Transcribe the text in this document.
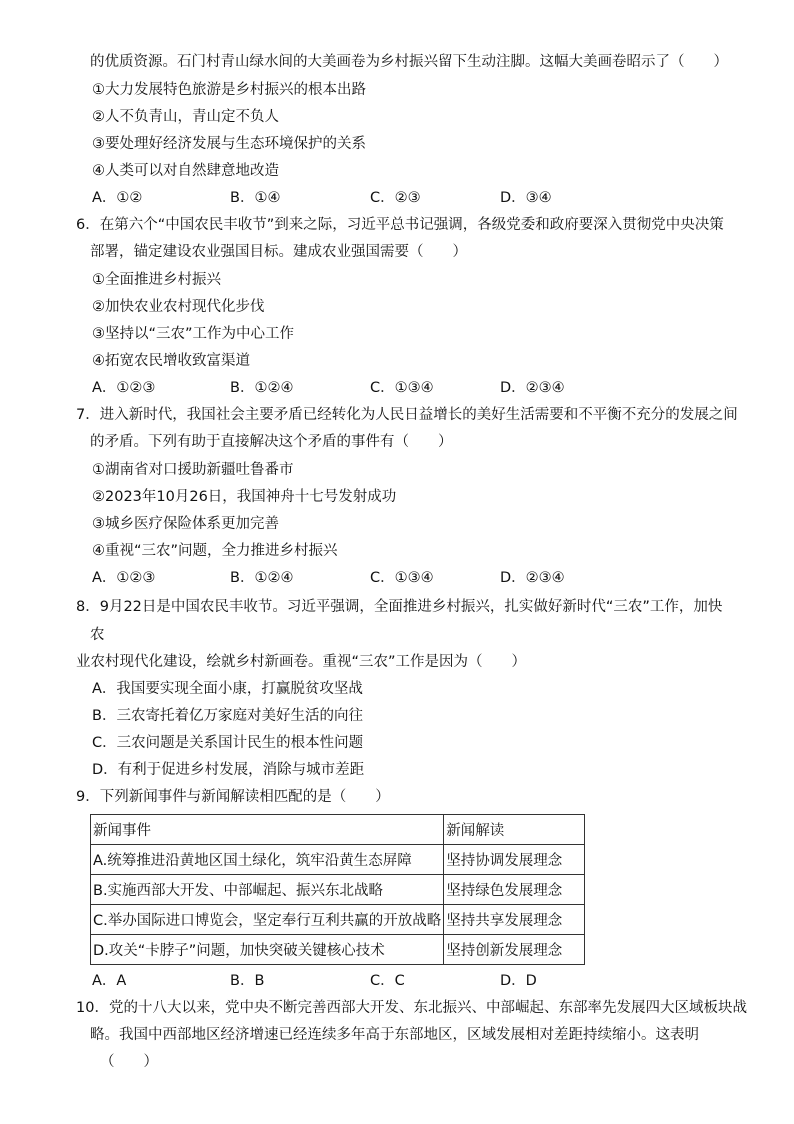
的优质资源。石门村青山绿水间的大美画卷为乡村振兴留下生动注脚。这幅大美画卷昭示了（　　）
①大力发展特色旅游是乡村振兴的根本出路
②人不负青山，青山定不负人
③要处理好经济发展与生态环境保护的关系
④人类可以对自然肆意地改造
A．①②	B．①④	C．②③	D．③④
6．在第六个“中国农民丰收节”到来之际，习近平总书记强调，各级党委和政府要深入贯彻党中央决策
部署，锚定建设农业强国目标。建成农业强国需要（　　）
①全面推进乡村振兴
②加快农业农村现代化步伐
③坚持以“三农”工作为中心工作
④拓宽农民增收致富渠道
A．①②③	B．①②④	C．①③④	D．②③④
7．进入新时代，我国社会主要矛盾已经转化为人民日益增长的美好生活需要和不平衡不充分的发展之间
的矛盾。下列有助于直接解决这个矛盾的事件有（　　）
①湖南省对口援助新疆吐鲁番市
②2023年10月26日，我国神舟十七号发射成功
③城乡医疗保险体系更加完善
④重视“三农”问题，全力推进乡村振兴
A．①②③	B．①②④	C．①③④	D．②③④
8．9月22日是中国农民丰收节。习近平强调，全面推进乡村振兴，扎实做好新时代“三农”工作，加快
农
业农村现代化建设，绘就乡村新画卷。重视“三农”工作是因为（　　）
A．我国要实现全面小康，打赢脱贫攻坚战
B．三农寄托着亿万家庭对美好生活的向往
C．三农问题是关系国计民生的根本性问题
D．有利于促进乡村发展，消除与城市差距
9．下列新闻事件与新闻解读相匹配的是（　　）
新闻事件	新闻解读
A.统筹推进沿黄地区国土绿化，筑牢沿黄生态屏障	坚持协调发展理念
B.实施西部大开发、中部崛起、振兴东北战略	坚持绿色发展理念
C.举办国际进口博览会，坚定奉行互利共赢的开放战略	坚持共享发展理念
D.攻关“卡脖子”问题，加快突破关键核心技术	坚持创新发展理念
A．A	B．B	C．C	D．D
10．党的十八大以来，党中央不断完善西部大开发、东北振兴、中部崛起、东部率先发展四大区域板块战
略。我国中西部地区经济增速已经连续多年高于东部地区，区域发展相对差距持续缩小。这表明
（　　）
